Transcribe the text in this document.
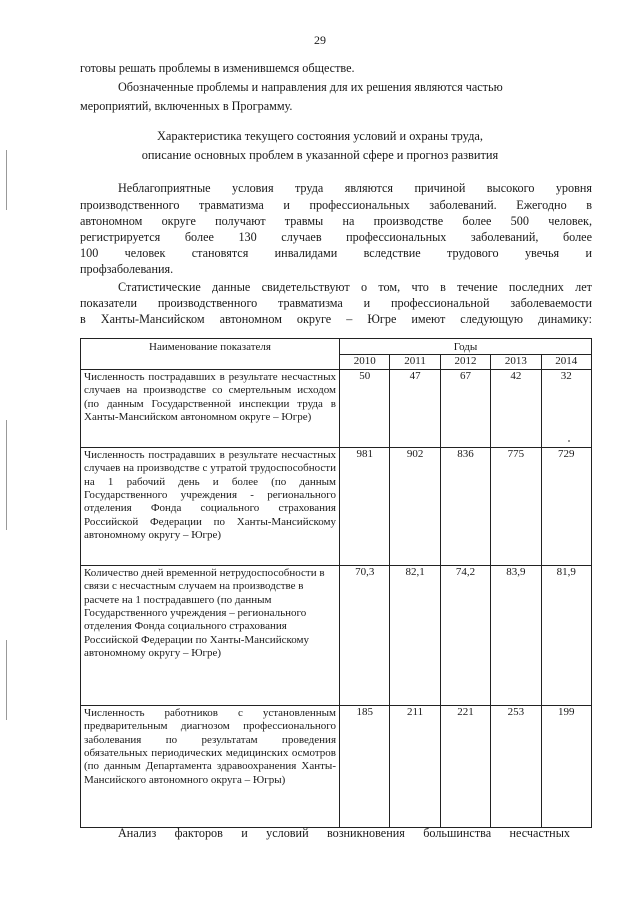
29
готовы решать проблемы в изменившемся обществе.
Обозначенные проблемы и направления для их решения являются частью
мероприятий, включенных в Программу.
Характеристика текущего состояния условий и охраны труда,
описание основных проблем в указанной сфере и прогноз развития
Неблагоприятные условия труда являются причиной высокого уровня
производственного травматизма и профессиональных заболеваний. Ежегодно в
автономном округе получают травмы на производстве более 500 человек,
регистрируется более 130 случаев профессиональных заболеваний, более
100 человек становятся инвалидами вследствие трудового увечья и
профзаболевания.
Статистические данные свидетельствуют о том, что в течение последних лет
показатели производственного травматизма и профессиональной заболеваемости
в Ханты-Мансийском автономном округе – Югре имеют следующую динамику:
Наименование показателя	Годы				
	2010	2011	2012	2013	2014
Численность пострадавших в результате несчастных случаев на производстве со смертельным исходом (по данным Государственной инспекции труда в Ханты-Мансийском автономном округе – Югре)	50	47	67	42	32
Численность пострадавших в результате несчастных случаев на производстве с утратой трудоспособности на 1 рабочий день и более (по данным Государственного учреждения - регионального отделения Фонда социального страхования Российской Федерации по Ханты-Мансийскому автономному округу – Югре)	981	902	836	775	729
Количество дней временной нетрудоспособности в связи с несчастным случаем на производстве в расчете на 1 пострадавшего (по данным Государственного учреждения – регионального отделения Фонда социального страхования Российской Федерации по Ханты-Мансийскому автономному округу – Югре)	70,3	82,1	74,2	83,9	81,9
Численность работников с установленным предварительным диагнозом профессионального заболевания по результатам проведения обязательных периодических медицинских осмотров (по данным Департамента здравоохранения Ханты-Мансийского автономного округа – Югры)	185	211	221	253	199
Анализ факторов и условий возникновения большинства несчастных
